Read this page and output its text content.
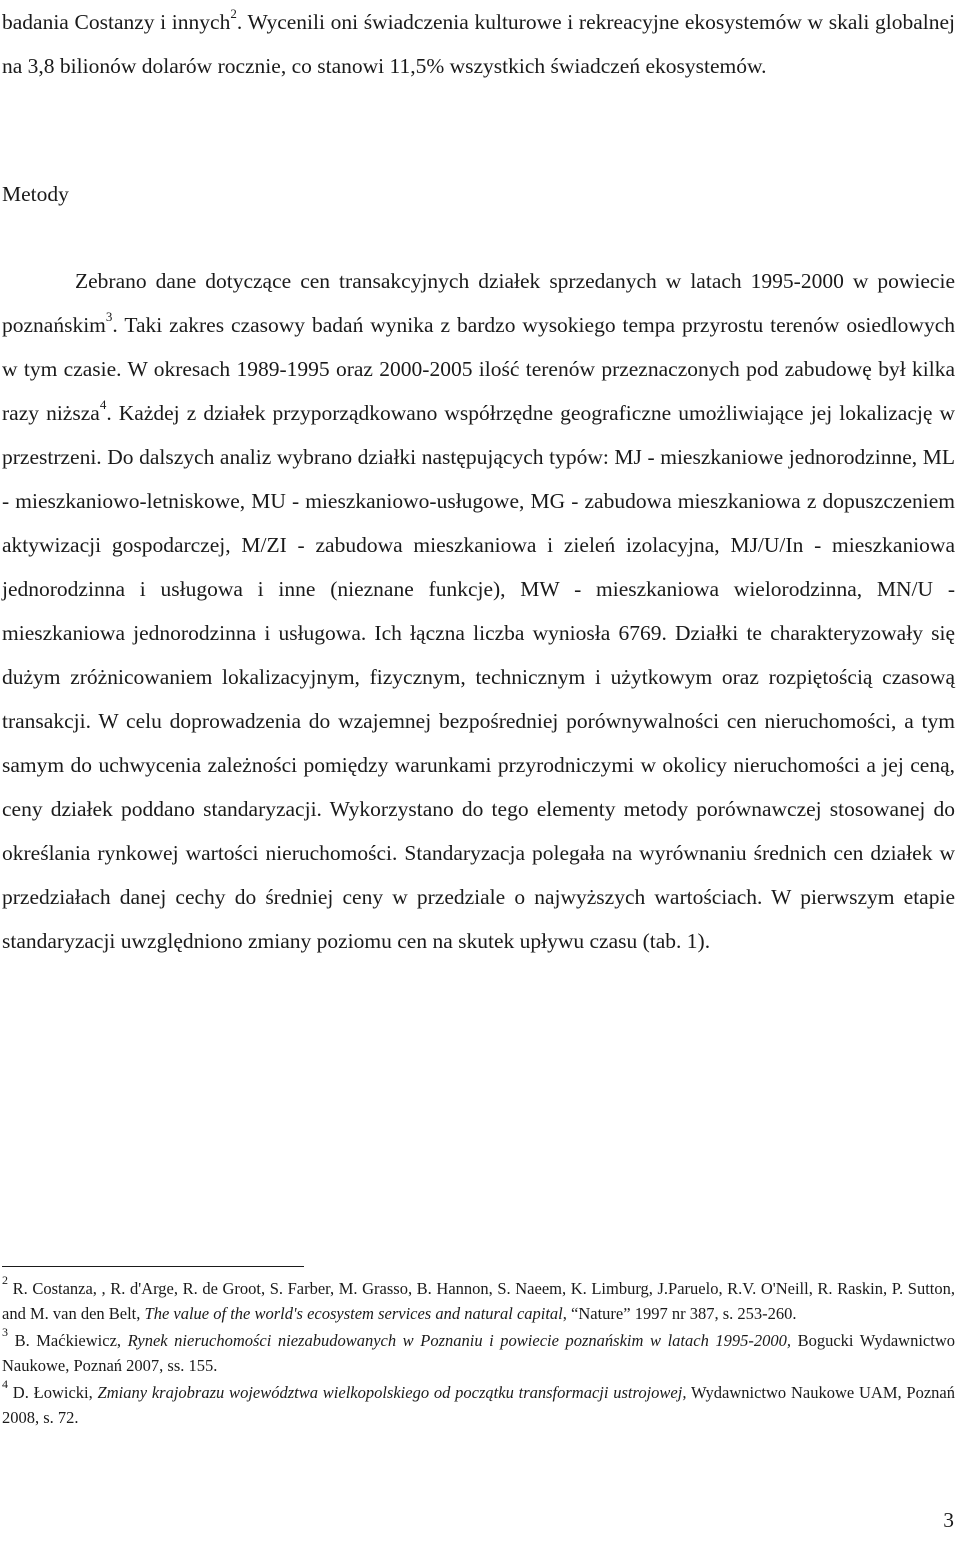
badania Costanzy i innych$^2$. Wycenili oni świadczenia kulturowe i rekreacyjne ekosystemów w skali globalnej na 3,8 bilionów dolarów rocznie, co stanowi 11,5% wszystkich świadczeń ekosystemów.

Metody

Zebrano dane dotyczące cen transakcyjnych działek sprzedanych w latach 1995-2000 w powiecie poznańskim$^3$. Taki zakres czasowy badań wynika z bardzo wysokiego tempa przyrostu terenów osiedlowych w tym czasie. W okresach 1989-1995 oraz 2000-2005 ilość terenów przeznaczonych pod zabudowę był kilka razy niższa$^4$. Każdej z działek przyporządkowano współrzędne geograficzne umożliwiające jej lokalizację w przestrzeni. Do dalszych analiz wybrano działki następujących typów: MJ - mieszkaniowe jednorodzinne, ML - mieszkaniowo-letniskowe, MU - mieszkaniowo-usługowe, MG - zabudowa mieszkaniowa z dopuszczeniem aktywizacji gospodarczej, M/ZI - zabudowa mieszkaniowa i zieleń izolacyjna, MJ/U/In - mieszkaniowa jednorodzinna i usługowa i inne (nieznane funkcje), MW - mieszkaniowa wielorodzinna, MN/U - mieszkaniowa jednorodzinna i usługowa. Ich łączna liczba wyniosła 6769. Działki te charakteryzowały się dużym zróżnicowaniem lokalizacyjnym, fizycznym, technicznym i użytkowym oraz rozpiętością czasową transakcji. W celu doprowadzenia do wzajemnej bezpośredniej porównywalności cen nieruchomości, a tym samym do uchwycenia zależności pomiędzy warunkami przyrodniczymi w okolicy nieruchomości a jej ceną, ceny działek poddano standaryzacji. Wykorzystano do tego elementy metody porównawczej stosowanej do określania rynkowej wartości nieruchomości. Standaryzacja polegała na wyrównaniu średnich cen działek w przedziałach danej cechy do średniej ceny w przedziale o najwyższych wartościach. W pierwszym etapie standaryzacji uwzględniono zmiany poziomu cen na skutek upływu czasu (tab. 1).

$^2$ R. Costanza, , R. d'Arge, R. de Groot, S. Farber, M. Grasso, B. Hannon, S. Naeem, K. Limburg, J.Paruelo, R.V. O'Neill, R. Raskin, P. Sutton, and M. van den Belt, The value of the world's ecosystem services and natural capital, “Nature” 1997 nr 387, s. 253-260.

$^3$ B. Maćkiewicz, Rynek nieruchomości niezabudowanych w Poznaniu i powiecie poznańskim w latach 1995-2000, Bogucki Wydawnictwo Naukowe, Poznań 2007, ss. 155.

$^4$ D. Łowicki, Zmiany krajobrazu województwa wielkopolskiego od początku transformacji ustrojowej, Wydawnictwo Naukowe UAM, Poznań 2008, s. 72.

3
